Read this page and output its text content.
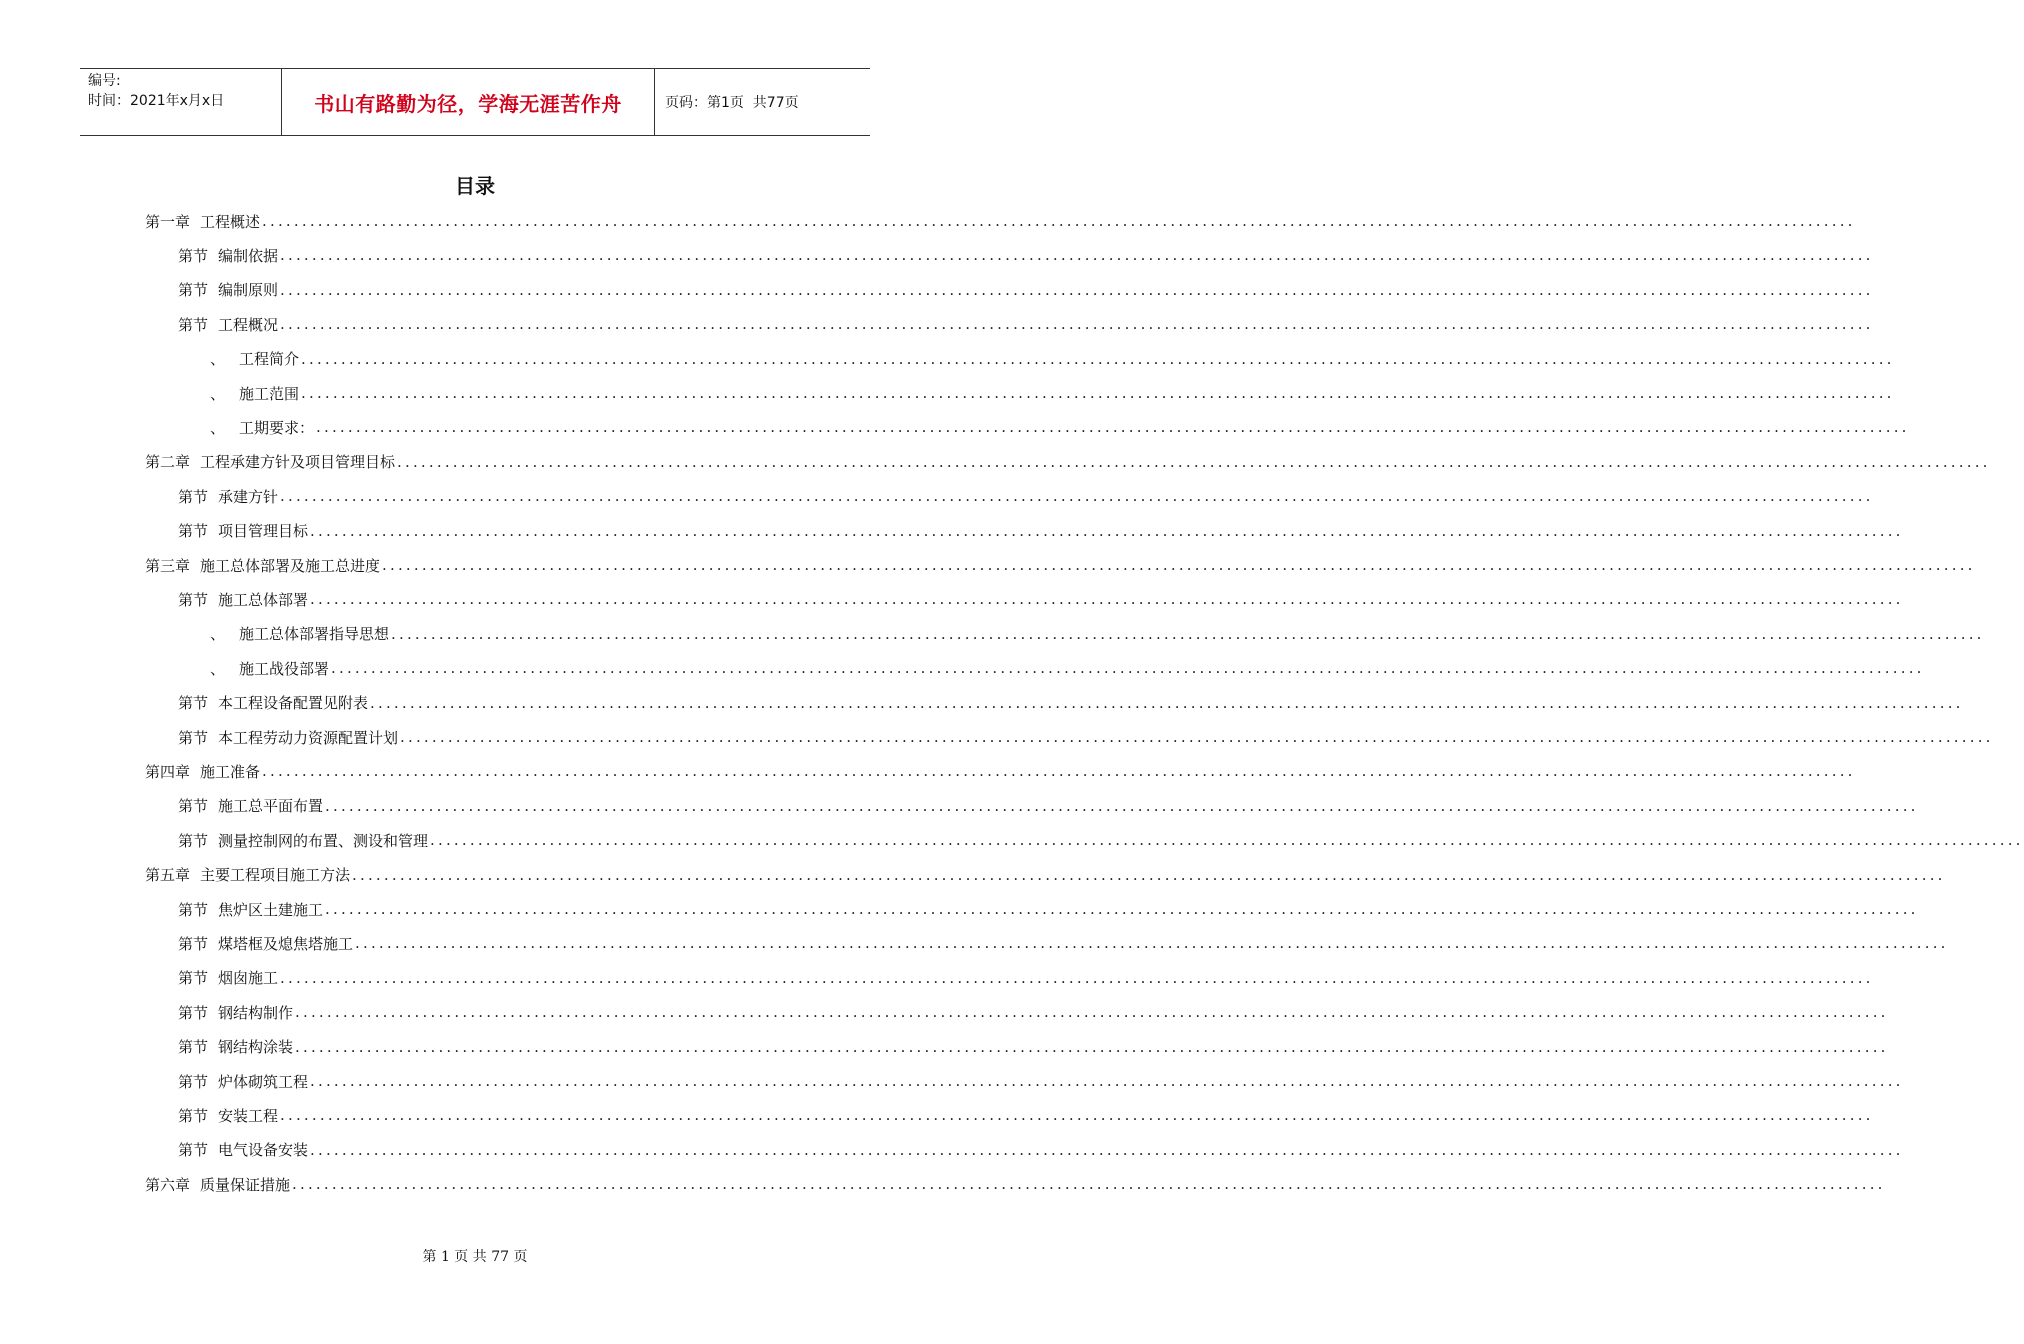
编号:
时间：2021年x月x日	书山有路勤为径，学海无涯苦作舟	页码：第1页  共77页
目录
第一章 工程概述 ........................................................................................................................................................................................................
第节 编制依据 ........................................................................................................................................................................................................
第节 编制原则 ........................................................................................................................................................................................................
第节 工程概况 ........................................................................................................................................................................................................
、 工程简介 ........................................................................................................................................................................................................
、 施工范围 ........................................................................................................................................................................................................
、 工期要求： ........................................................................................................................................................................................................
第二章 工程承建方针及项目管理目标 ........................................................................................................................................................................................................
第节 承建方针 ........................................................................................................................................................................................................
第节 项目管理目标 ........................................................................................................................................................................................................
第三章 施工总体部署及施工总进度 ........................................................................................................................................................................................................
第节 施工总体部署 ........................................................................................................................................................................................................
、 施工总体部署指导思想 ........................................................................................................................................................................................................
、 施工战役部署 ........................................................................................................................................................................................................
第节 本工程设备配置见附表 ........................................................................................................................................................................................................
第节 本工程劳动力资源配置计划 ........................................................................................................................................................................................................
第四章 施工准备 ........................................................................................................................................................................................................
第节 施工总平面布置 ........................................................................................................................................................................................................
第节 测量控制网的布置、测设和管理 ........................................................................................................................................................................................................
第五章 主要工程项目施工方法 ........................................................................................................................................................................................................
第节 焦炉区土建施工 ........................................................................................................................................................................................................
第节 煤塔框及熄焦塔施工 ........................................................................................................................................................................................................
第节 烟囱施工 ........................................................................................................................................................................................................
第节 钢结构制作 ........................................................................................................................................................................................................
第节 钢结构涂装 ........................................................................................................................................................................................................
第节 炉体砌筑工程 ........................................................................................................................................................................................................
第节 安装工程 ........................................................................................................................................................................................................
第节 电气设备安装 ........................................................................................................................................................................................................
第六章 质量保证措施 ........................................................................................................................................................................................................
第 1 页 共 77 页
